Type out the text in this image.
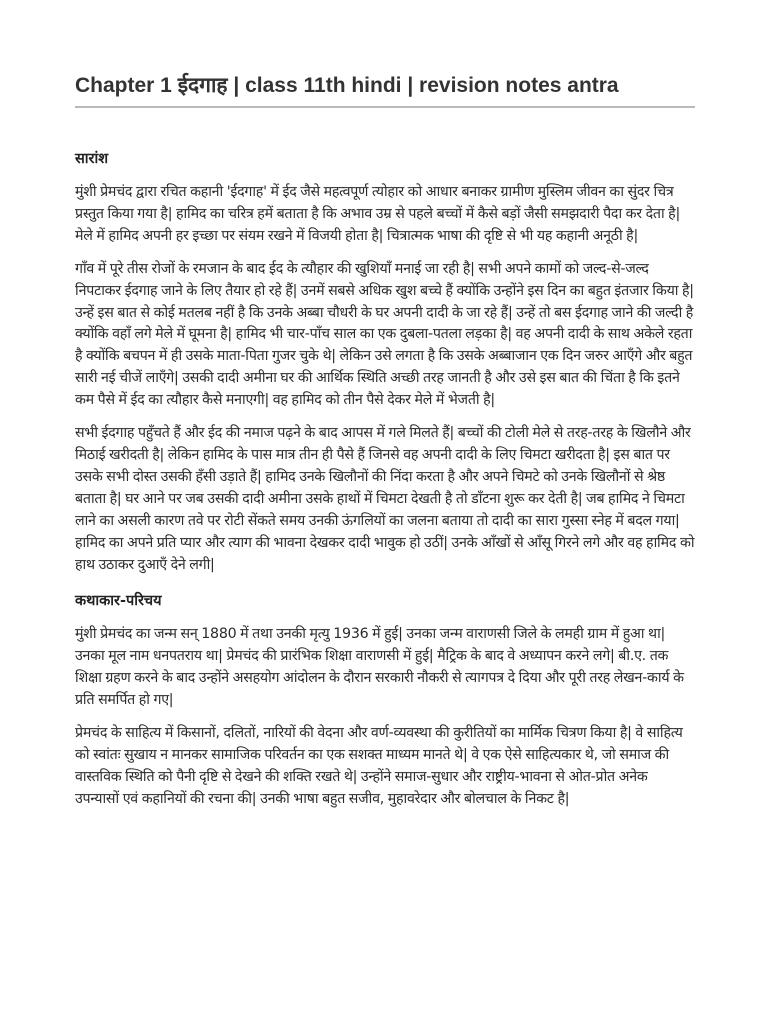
Chapter 1 ईदगाह | class 11th hindi | revision notes antra
सारांश

मुंशी प्रेमचंद द्वारा रचित कहानी 'ईदगाह' में ईद जैसे महत्वपूर्ण त्योहार को आधार बनाकर ग्रामीण मुस्लिम जीवन का सुंदर चित्र प्रस्तुत किया गया है| हामिद का चरित्र हमें बताता है कि अभाव उम्र से पहले बच्चों में कैसे बड़ों जैसी समझदारी पैदा कर देता है| मेले में हामिद अपनी हर इच्छा पर संयम रखने में विजयी होता है| चित्रात्मक भाषा की दृष्टि से भी यह कहानी अनूठी है|

गाँव में पूरे तीस रोजों के रमजान के बाद ईद के त्यौहार की खुशियाँ मनाई जा रही है| सभी अपने कामों को जल्द-से-जल्द निपटाकर ईदगाह जाने के लिए तैयार हो रहे हैं| उनमें सबसे अधिक खुश बच्चे हैं क्योंकि उन्होंने इस दिन का बहुत इंतजार किया है| उन्हें इस बात से कोई मतलब नहीं है कि उनके अब्बा चौधरी के घर अपनी दादी के जा रहे हैं| उन्हें तो बस ईदगाह जाने की जल्दी है क्योंकि वहाँ लगे मेले में घूमना है| हामिद भी चार-पाँच साल का एक दुबला-पतला लड़का है| वह अपनी दादी के साथ अकेले रहता है क्योंकि बचपन में ही उसके माता-पिता गुजर चुके थे| लेकिन उसे लगता है कि उसके अब्बाजान एक दिन जरुर आएँगे और बहुत सारी नई चीजें लाएँगे| उसकी दादी अमीना घर की आर्थिक स्थिति अच्छी तरह जानती है और उसे इस बात की चिंता है कि इतने कम पैसे में ईद का त्यौहार कैसे मनाएगी| वह हामिद को तीन पैसे देकर मेले में भेजती है|

सभी ईदगाह पहुँचते हैं और ईद की नमाज पढ़ने के बाद आपस में गले मिलते हैं| बच्चों की टोली मेले से तरह-तरह के खिलौने और मिठाई खरीदती है| लेकिन हामिद के पास मात्र तीन ही पैसे हैं जिनसे वह अपनी दादी के लिए चिमटा खरीदता है| इस बात पर उसके सभी दोस्त उसकी हँसी उड़ाते हैं| हामिद उनके खिलौनों की निंदा करता है और अपने चिमटे को उनके खिलौनों से श्रेष्ठ बताता है| घर आने पर जब उसकी दादी अमीना उसके हाथों में चिमटा देखती है तो डाँटना शुरू कर देती है| जब हामिद ने चिमटा लाने का असली कारण तवे पर रोटी सेंकते समय उनकी ऊंगलियों का जलना बताया तो दादी का सारा गुस्सा स्नेह में बदल गया| हामिद का अपने प्रति प्यार और त्याग की भावना देखकर दादी भावुक हो उठीं| उनके आँखों से आँसू गिरने लगे और वह हामिद को हाथ उठाकर दुआएँ देने लगी|

कथाकार-परिचय

मुंशी प्रेमचंद का जन्म सन् 1880 में तथा उनकी मृत्यु 1936 में हुई| उनका जन्म वाराणसी जिले के लमही ग्राम में हुआ था| उनका मूल नाम धनपतराय था| प्रेमचंद की प्रारंभिक शिक्षा वाराणसी में हुई| मैट्रिक के बाद वे अध्यापन करने लगे| बी.ए. तक शिक्षा ग्रहण करने के बाद उन्होंने असहयोग आंदोलन के दौरान सरकारी नौकरी से त्यागपत्र दे दिया और पूरी तरह लेखन-कार्य के प्रति समर्पित हो गए|

प्रेमचंद के साहित्य में किसानों, दलितों, नारियों की वेदना और वर्ण-व्यवस्था की कुरीतियों का मार्मिक चित्रण किया है| वे साहित्य को स्वांतः सुखाय न मानकर सामाजिक परिवर्तन का एक सशक्त माध्यम मानते थे| वे एक ऐसे साहित्यकार थे, जो समाज की वास्तविक स्थिति को पैनी दृष्टि से देखने की शक्ति रखते थे| उन्होंने समाज-सुधार और राष्ट्रीय-भावना से ओत-प्रोत अनेक उपन्यासों एवं कहानियों की रचना की| उनकी भाषा बहुत सजीव, मुहावरेदार और बोलचाल के निकट है|
